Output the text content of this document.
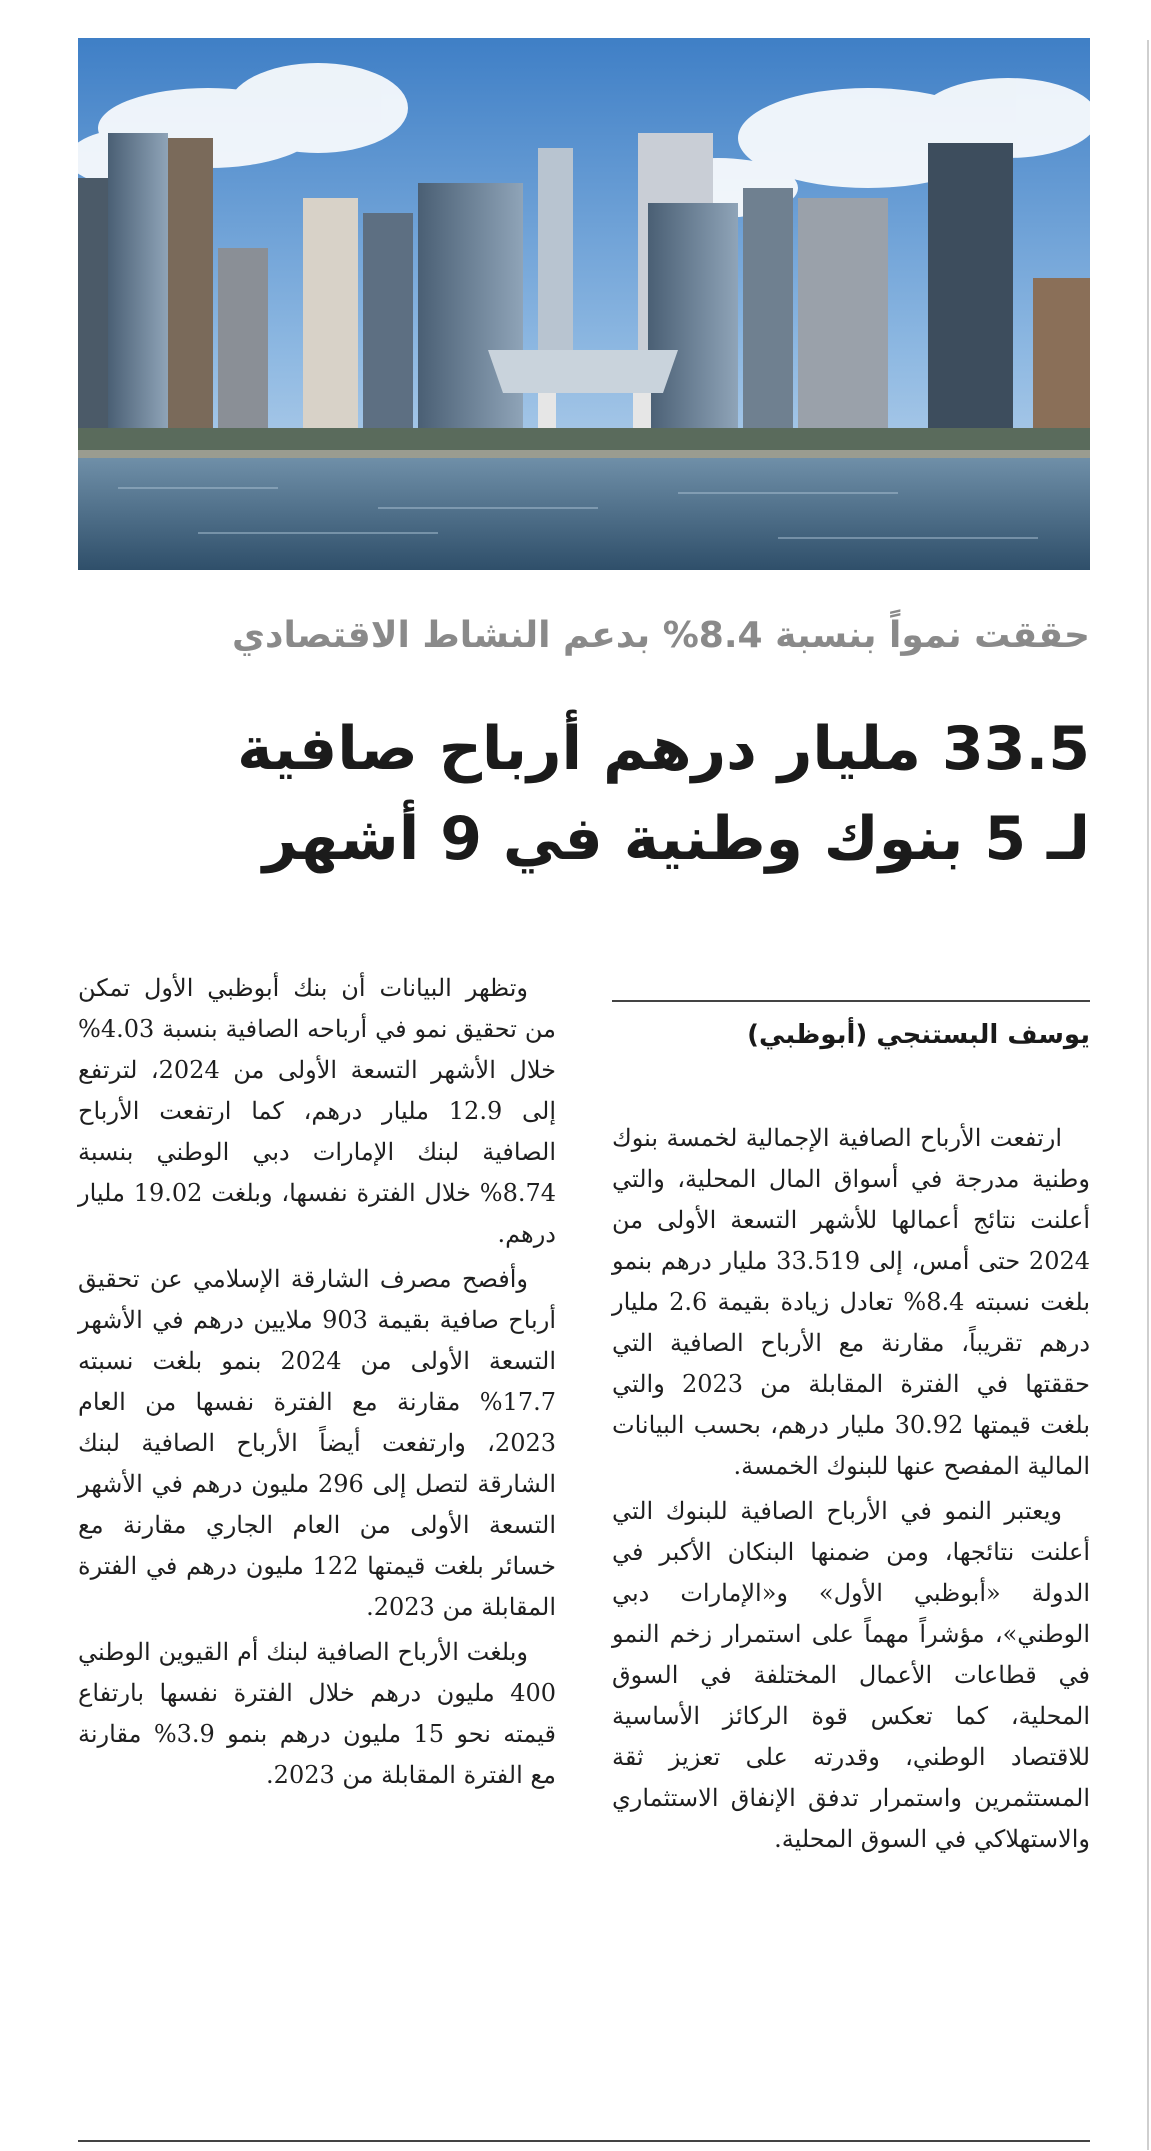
حققت نمواً بنسبة 8.4% بدعم النشاط الاقتصادي
33.5 مليار درهم أرباح صافية
لـ 5 بنوك وطنية في 9 أشهر
يوسف البستنجي (أبوظبي)

ارتفعت الأرباح الصافية الإجمالية لخمسة بنوك وطنية مدرجة في أسواق المال المحلية، والتي أعلنت نتائج أعمالها للأشهر التسعة الأولى من 2024 حتى أمس، إلى 33.519 مليار درهم بنمو بلغت نسبته 8.4% تعادل زيادة بقيمة 2.6 مليار درهم تقريباً، مقارنة مع الأرباح الصافية التي حققتها في الفترة المقابلة من 2023 والتي بلغت قيمتها 30.92 مليار درهم، بحسب البيانات المالية المفصح عنها للبنوك الخمسة.

ويعتبر النمو في الأرباح الصافية للبنوك التي أعلنت نتائجها، ومن ضمنها البنكان الأكبر في الدولة «أبوظبي الأول» و«الإمارات دبي الوطني»، مؤشراً مهماً على استمرار زخم النمو في قطاعات الأعمال المختلفة في السوق المحلية، كما تعكس قوة الركائز الأساسية للاقتصاد الوطني، وقدرته على تعزيز ثقة المستثمرين واستمرار تدفق الإنفاق الاستثماري والاستهلاكي في السوق المحلية.

وتظهر البيانات أن بنك أبوظبي الأول تمكن من تحقيق نمو في أرباحه الصافية بنسبة 4.03% خلال الأشهر التسعة الأولى من 2024، لترتفع إلى 12.9 مليار درهم، كما ارتفعت الأرباح الصافية لبنك الإمارات دبي الوطني بنسبة 8.74% خلال الفترة نفسها، وبلغت 19.02 مليار درهم.

وأفصح مصرف الشارقة الإسلامي عن تحقيق أرباح صافية بقيمة 903 ملايين درهم في الأشهر التسعة الأولى من 2024 بنمو بلغت نسبته 17.7% مقارنة مع الفترة نفسها من العام 2023، وارتفعت أيضاً الأرباح الصافية لبنك الشارقة لتصل إلى 296 مليون درهم في الأشهر التسعة الأولى من العام الجاري مقارنة مع خسائر بلغت قيمتها 122 مليون درهم في الفترة المقابلة من 2023.

وبلغت الأرباح الصافية لبنك أم القيوين الوطني 400 مليون درهم خلال الفترة نفسها بارتفاع قيمته نحو 15 مليون درهم بنمو 3.9% مقارنة مع الفترة المقابلة من 2023.
